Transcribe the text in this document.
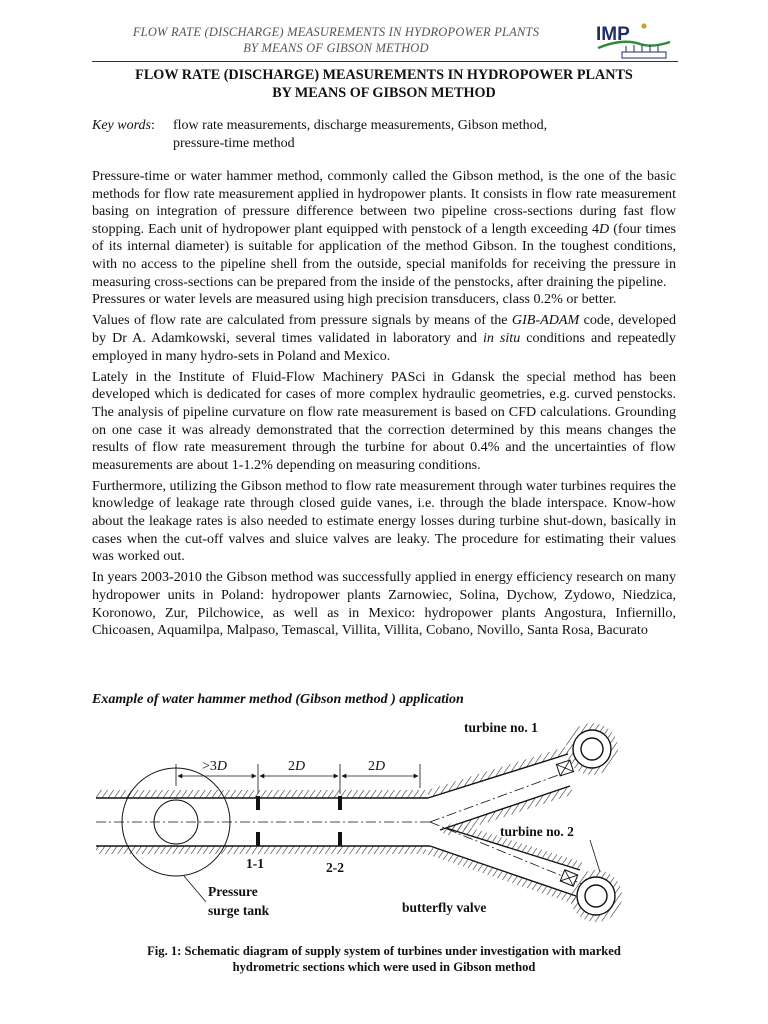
FLOW RATE (DISCHARGE) MEASUREMENTS IN HYDROPOWER PLANTS
BY MEANS OF GIBSON METHOD
IMP
FLOW RATE (DISCHARGE) MEASUREMENTS IN HYDROPOWER PLANTS
BY MEANS OF GIBSON METHOD
Key words: flow rate measurements, discharge measurements, Gibson method,
pressure-time method

Pressure-time or water hammer method, commonly called the Gibson method, is the one of the basic methods for flow rate measurement applied in hydropower plants. It consists in flow rate measurement basing on integration of pressure difference between two pipeline cross-sections during fast flow stopping. Each unit of hydropower plant equipped with penstock of a length exceeding 4D (four times of its internal diameter) is suitable for application of the method Gibson. In the toughest conditions, with no access to the pipeline shell from the outside, special manifolds for receiving the pressure in measuring cross-sections can be prepared from the inside of the penstocks, after draining the pipeline.

Pressures or water levels are measured using high precision transducers, class 0.2% or better.

Values of flow rate are calculated from pressure signals by means of the GIB-ADAM code, developed by Dr A. Adamkowski, several times validated in laboratory and in situ conditions and repeatedly employed in many hydro-sets in Poland and Mexico.

Lately in the Institute of Fluid-Flow Machinery PASci in Gdansk the special method has been developed which is dedicated for cases of more complex hydraulic geometries, e.g. curved penstocks. The analysis of pipeline curvature on flow rate measurement is based on CFD calculations. Grounding on one case it was already demonstrated that the correction determined by this means changes the results of flow rate measurement through the turbine for about 0.4% and the uncertainties of flow measurements are about 1-1.2% depending on measuring conditions.

Furthermore, utilizing the Gibson method to flow rate measurement through water turbines requires the knowledge of leakage rate through closed guide vanes, i.e. through the blade interspace. Know-how about the leakage rates is also needed to estimate energy losses during turbine shut-down, basically in cases when the cut-off valves and sluice valves are leaky. The procedure for estimating their values was worked out.

In years 2003-2010 the Gibson method was successfully applied in energy efficiency research on many hydropower units in Poland: hydropower plants Zarnowiec, Solina, Dychow, Zydowo, Niedzica, Koronowo, Zur, Pilchowice, as well as in Mexico: hydropower plants Angostura, Infiernillo, Chicoasen, Aquamilpa, Malpaso, Temascal, Villita, Villita, Cobano, Novillo, Santa Rosa, Bacurato

Example of water hammer method (Gibson method ) application
>3D	2D	2D
turbine no. 1
turbine no. 2
1-1	2-2
Pressure
surge tank	butterfly valve
Fig. 1: Schematic diagram of supply system of turbines under investigation with marked
hydrometric sections which were used in Gibson method
